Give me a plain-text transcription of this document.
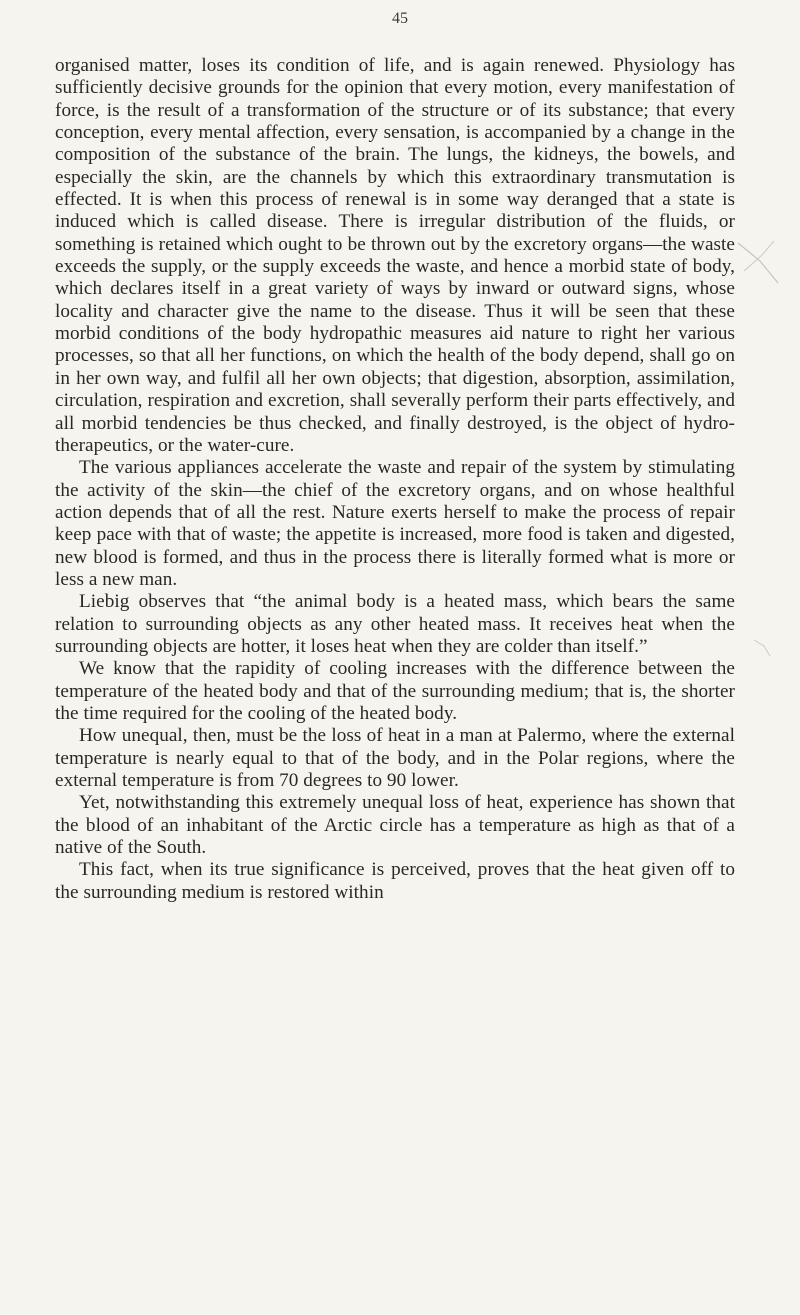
45

organised matter, loses its condition of life, and is again renewed. Physiology has sufficiently decisive grounds for the opinion that every motion, every manifestation of force, is the result of a transformation of the structure or of its substance; that every conception, every mental affection, every sensation, is accompanied by a change in the composition of the substance of the brain. The lungs, the kidneys, the bowels, and especially the skin, are the channels by which this extraordinary transmutation is effected. It is when this process of renewal is in some way deranged that a state is induced which is called disease. There is irregular distribution of the fluids, or something is retained which ought to be thrown out by the excretory organs—the waste exceeds the supply, or the supply exceeds the waste, and hence a morbid state of body, which declares itself in a great variety of ways by inward or outward signs, whose locality and character give the name to the disease. Thus it will be seen that these morbid conditions of the body hydropathic measures aid nature to right her various processes, so that all her functions, on which the health of the body depend, shall go on in her own way, and fulfil all her own objects; that digestion, absorption, assimilation, circulation, respiration and excretion, shall severally perform their parts effectively, and all morbid tendencies be thus checked, and finally destroyed, is the object of hydro-therapeutics, or the water-cure.

The various appliances accelerate the waste and repair of the system by stimulating the activity of the skin—the chief of the excretory organs, and on whose healthful action depends that of all the rest. Nature exerts herself to make the process of repair keep pace with that of waste; the appetite is increased, more food is taken and digested, new blood is formed, and thus in the process there is literally formed what is more or less a new man.

Liebig observes that “the animal body is a heated mass, which bears the same relation to surrounding objects as any other heated mass. It receives heat when the surrounding objects are hotter, it loses heat when they are colder than itself.”

We know that the rapidity of cooling increases with the difference between the temperature of the heated body and that of the surrounding medium; that is, the shorter the time required for the cooling of the heated body.

How unequal, then, must be the loss of heat in a man at Palermo, where the external temperature is nearly equal to that of the body, and in the Polar regions, where the external temperature is from 70 degrees to 90 lower.

Yet, notwithstanding this extremely unequal loss of heat, experience has shown that the blood of an inhabitant of the Arctic circle has a temperature as high as that of a native of the South.

This fact, when its true significance is perceived, proves that the heat given off to the surrounding medium is restored within
